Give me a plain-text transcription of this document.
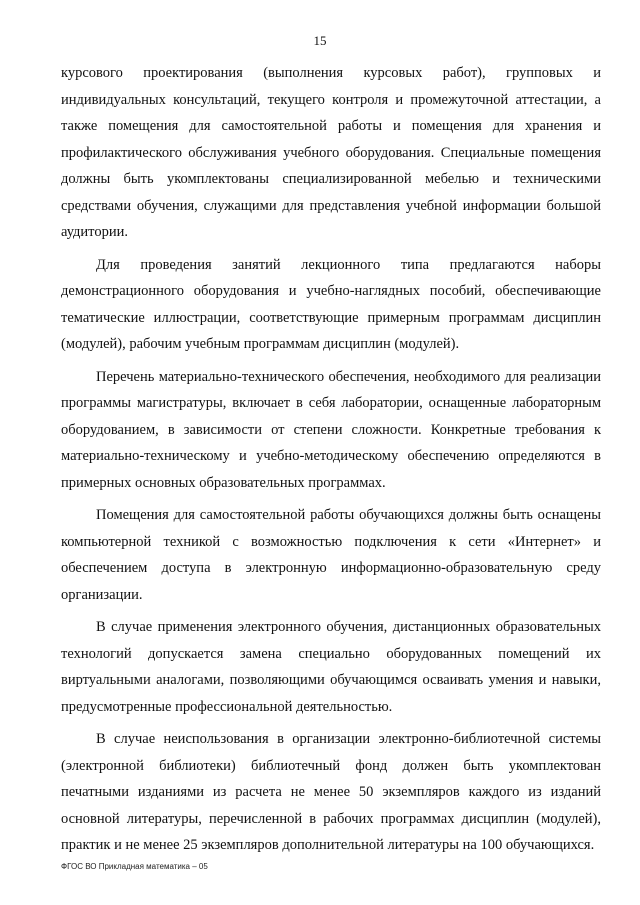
15

курсового проектирования (выполнения курсовых работ), групповых и индивидуальных консультаций, текущего контроля и промежуточной аттестации, а также помещения для самостоятельной работы и помещения для хранения и профилактического обслуживания учебного оборудования. Специальные помещения должны быть укомплектованы специализированной мебелью и техническими средствами обучения, служащими для представления учебной информации большой аудитории.

Для проведения занятий лекционного типа предлагаются наборы демонстрационного оборудования и учебно-наглядных пособий, обеспечивающие тематические иллюстрации, соответствующие примерным программам дисциплин (модулей), рабочим учебным программам дисциплин (модулей).

Перечень материально-технического обеспечения, необходимого для реализации программы магистратуры, включает в себя лаборатории, оснащенные лабораторным оборудованием, в зависимости от степени сложности. Конкретные требования к материально-техническому и учебно-методическому обеспечению определяются в примерных основных образовательных программах.

Помещения для самостоятельной работы обучающихся должны быть оснащены компьютерной техникой с возможностью подключения к сети «Интернет» и обеспечением доступа в электронную информационно-образовательную среду организации.

В случае применения электронного обучения, дистанционных образовательных технологий допускается замена специально оборудованных помещений их виртуальными аналогами, позволяющими обучающимся осваивать умения и навыки, предусмотренные профессиональной деятельностью.

В случае неиспользования в организации электронно-библиотечной системы (электронной библиотеки) библиотечный фонд должен быть укомплектован печатными изданиями из расчета не менее 50 экземпляров каждого из изданий основной литературы, перечисленной в рабочих программах дисциплин (модулей), практик и не менее 25 экземпляров дополнительной литературы на 100 обучающихся.

ФГОС ВО Прикладная математика – 05
